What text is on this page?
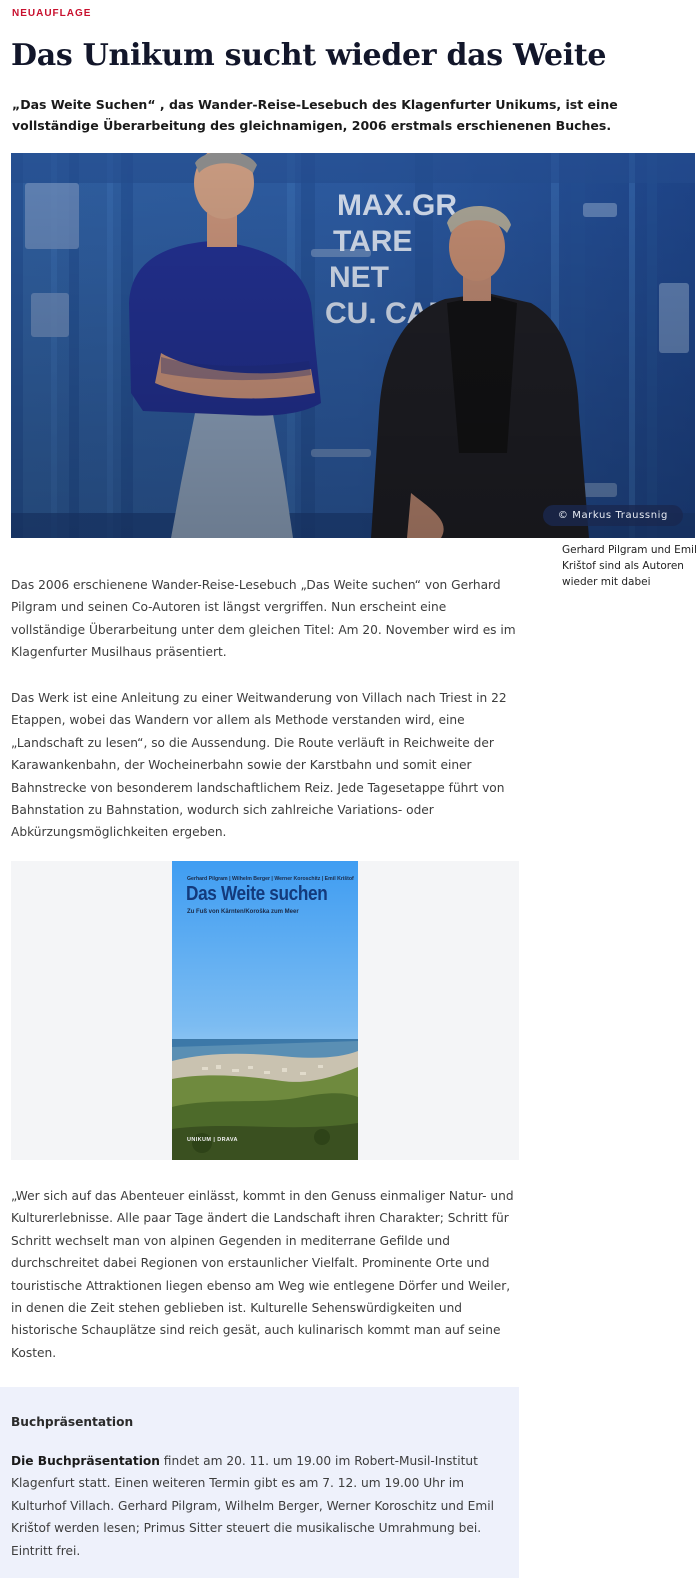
NEUAUFLAGE
Das Unikum sucht wieder das Weite

„Das Weite Suchen“ , das Wander-Reise-Lesebuch des Klagenfurter Unikums, ist eine vollständige Überarbeitung des gleichnamigen, 2006 erstmals erschienenen Buches.

© Markus Traussnig

Gerhard Pilgram und Emil Krištof sind als Autoren wieder mit dabei

Das 2006 erschienene Wander-Reise-Lesebuch „Das Weite suchen“ von Gerhard Pilgram und seinen Co-Autoren ist längst vergriffen. Nun erscheint eine vollständige Überarbeitung unter dem gleichen Titel: Am 20. November wird es im Klagenfurter Musilhaus präsentiert.

Das Werk ist eine Anleitung zu einer Weitwanderung von Villach nach Triest in 22 Etappen, wobei das Wandern vor allem als Methode verstanden wird, eine „Landschaft zu lesen“, so die Aussendung. Die Route verläuft in Reichweite der Karawankenbahn, der Wocheinerbahn sowie der Karstbahn und somit einer Bahnstrecke von besonderem landschaftlichem Reiz. Jede Tagesetappe führt von Bahnstation zu Bahnstation, wodurch sich zahlreiche Variations- oder Abkürzungsmöglichkeiten ergeben.

Gerhard Pilgram | Wilhelm Berger | Werner Koroschitz | Emil Krištof
Das Weite suchen
Zu Fuß von Kärnten/Koroška zum Meer
UNIKUM | DRAVA

„Wer sich auf das Abenteuer einlässt, kommt in den Genuss einmaliger Natur- und Kulturerlebnisse. Alle paar Tage ändert die Landschaft ihren Charakter; Schritt für Schritt wechselt man von alpinen Gegenden in mediterrane Gefilde und durchschreitet dabei Regionen von erstaunlicher Vielfalt. Prominente Orte und touristische Attraktionen liegen ebenso am Weg wie entlegene Dörfer und Weiler, in denen die Zeit stehen geblieben ist. Kulturelle Sehenswürdigkeiten und historische Schauplätze sind reich gesät, auch kulinarisch kommt man auf seine Kosten.

Buchpräsentation

Die Buchpräsentation findet am 20. 11. um 19.00 im Robert-Musil-Institut Klagenfurt statt. Einen weiteren Termin gibt es am 7. 12. um 19.00 Uhr im Kulturhof Villach. Gerhard Pilgram, Wilhelm Berger, Werner Koroschitz und Emil Krištof werden lesen; Primus Sitter steuert die musikalische Umrahmung bei. Eintritt frei.
